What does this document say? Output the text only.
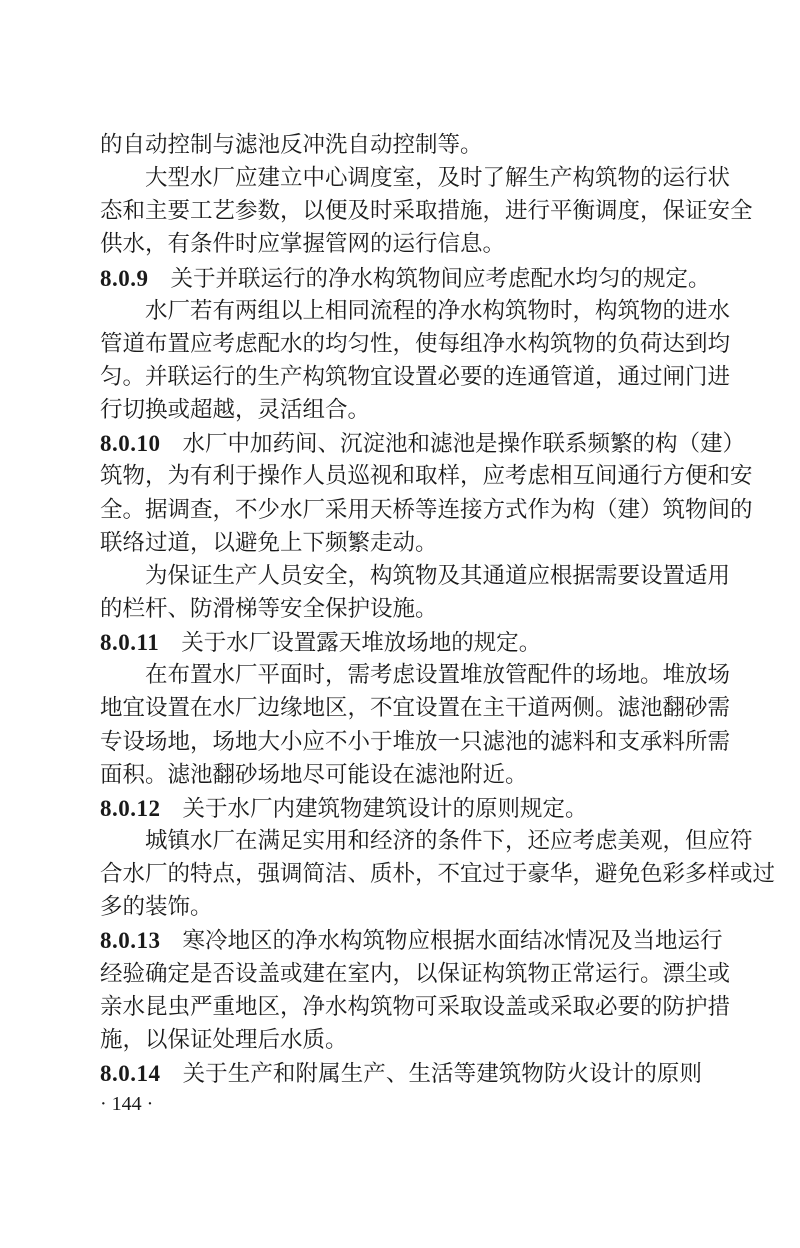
的自动控制与滤池反冲洗自动控制等。
大型水厂应建立中心调度室，及时了解生产构筑物的运行状
态和主要工艺参数，以便及时采取措施，进行平衡调度，保证安全
供水，有条件时应掌握管网的运行信息。
8.0.9 关于并联运行的净水构筑物间应考虑配水均匀的规定。
水厂若有两组以上相同流程的净水构筑物时，构筑物的进水
管道布置应考虑配水的均匀性，使每组净水构筑物的负荷达到均
匀。并联运行的生产构筑物宜设置必要的连通管道，通过闸门进
行切换或超越，灵活组合。
8.0.10 水厂中加药间、沉淀池和滤池是操作联系频繁的构（建）
筑物，为有利于操作人员巡视和取样，应考虑相互间通行方便和安
全。据调查，不少水厂采用天桥等连接方式作为构（建）筑物间的
联络过道，以避免上下频繁走动。
为保证生产人员安全，构筑物及其通道应根据需要设置适用
的栏杆、防滑梯等安全保护设施。
8.0.11 关于水厂设置露天堆放场地的规定。
在布置水厂平面时，需考虑设置堆放管配件的场地。堆放场
地宜设置在水厂边缘地区，不宜设置在主干道两侧。滤池翻砂需
专设场地，场地大小应不小于堆放一只滤池的滤料和支承料所需
面积。滤池翻砂场地尽可能设在滤池附近。
8.0.12 关于水厂内建筑物建筑设计的原则规定。
城镇水厂在满足实用和经济的条件下，还应考虑美观，但应符
合水厂的特点，强调简洁、质朴，不宜过于豪华，避免色彩多样或过
多的装饰。
8.0.13 寒冷地区的净水构筑物应根据水面结冰情况及当地运行
经验确定是否设盖或建在室内，以保证构筑物正常运行。漂尘或
亲水昆虫严重地区，净水构筑物可采取设盖或采取必要的防护措
施，以保证处理后水质。
8.0.14 关于生产和附属生产、生活等建筑物防火设计的原则
· 144 ·
